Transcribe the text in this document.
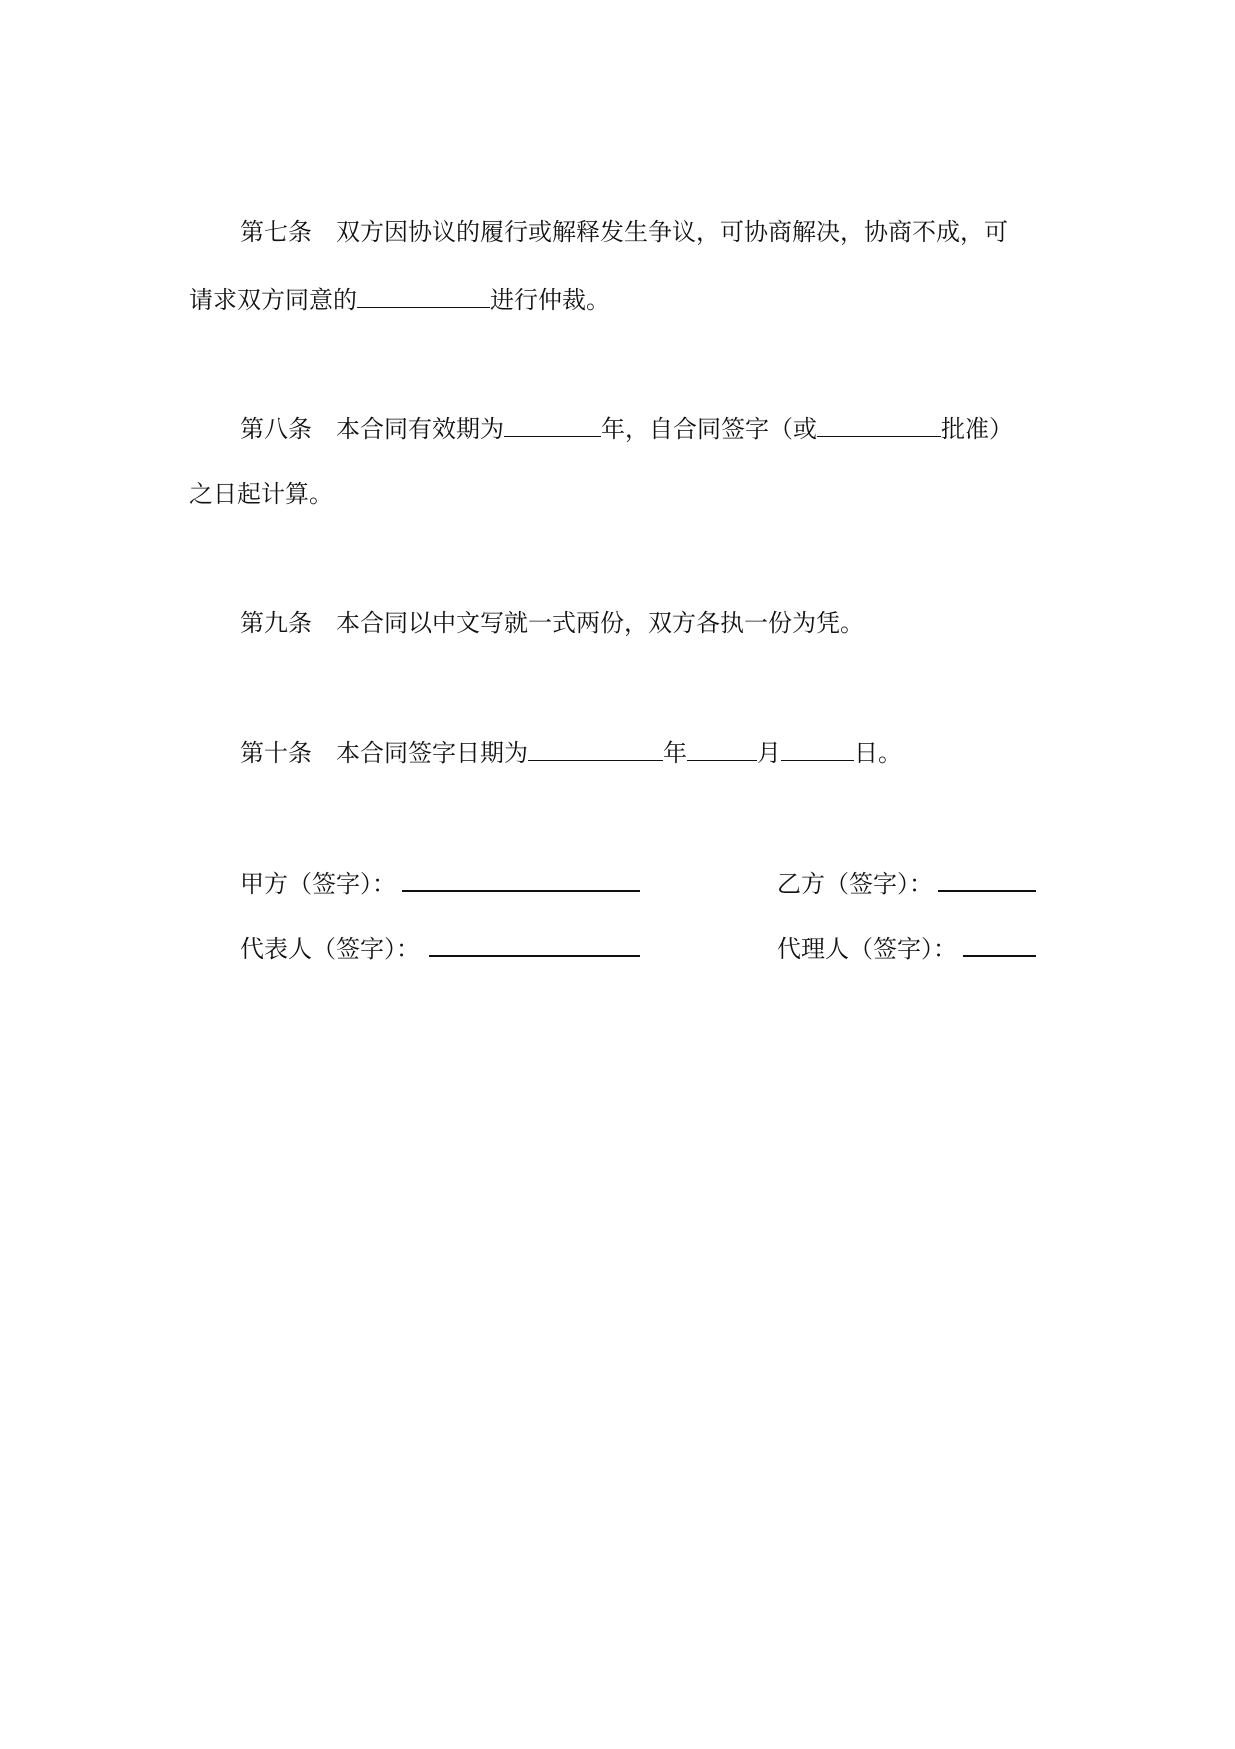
第七条 双方因协议的履行或解释发生争议，可协商解决，协商不成，可
请求双方同意的	进行仲裁。
第八条 本合同有效期为	年，自合同签字（或	批准）
之日起计算。
第九条 本合同以中文写就一式两份，双方各执一份为凭。
第十条 本合同签字日期为	年	月	日。
甲方（签字）：	乙方（签字）：
代表人（签字）：	代理人（签字）：
